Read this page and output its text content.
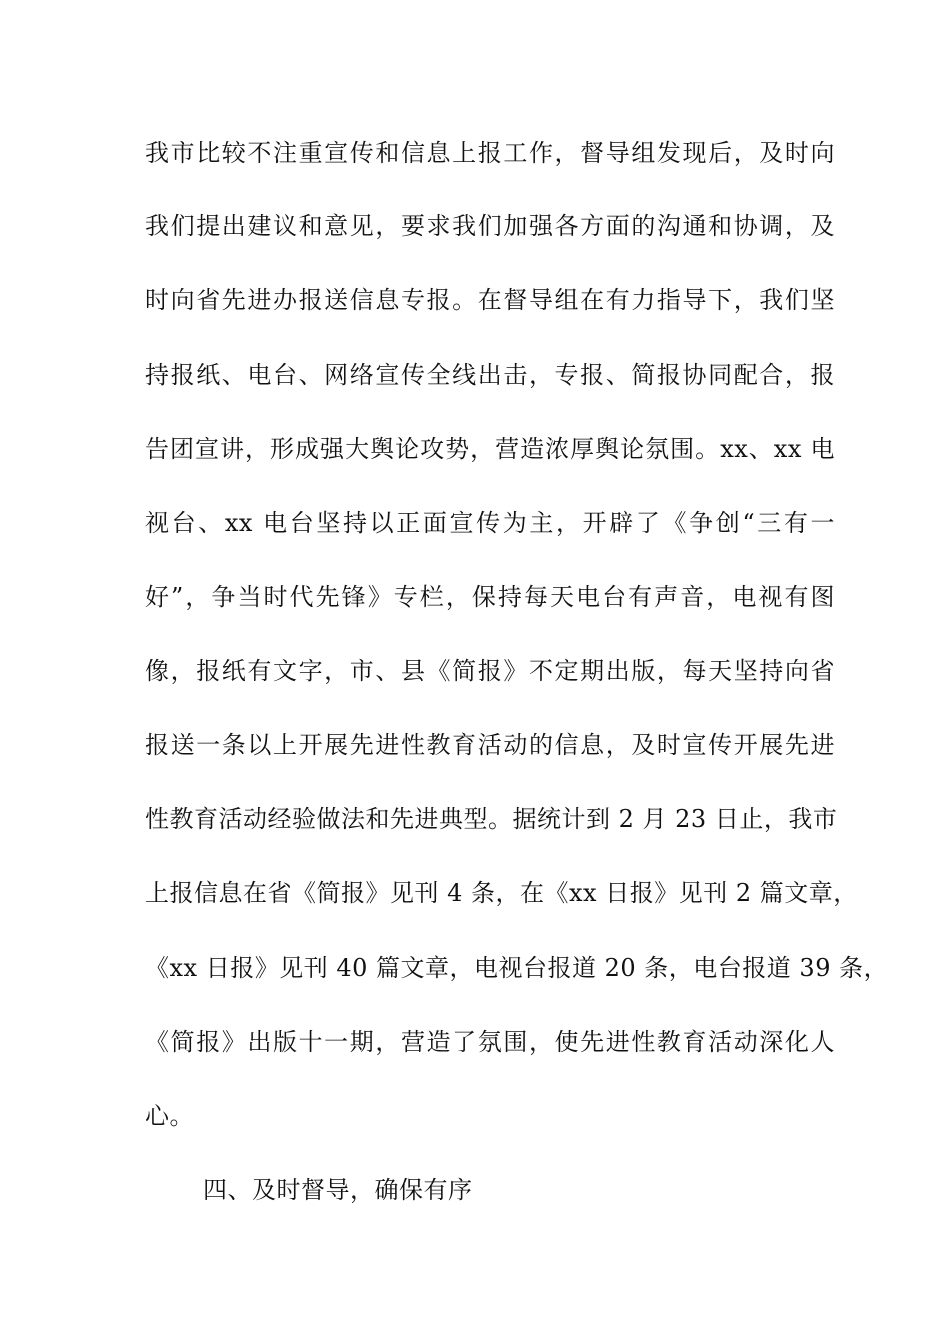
我市比较不注重宣传和信息上报工作，督导组发现后，及时向
我们提出建议和意见，要求我们加强各方面的沟通和协调，及
时向省先进办报送信息专报。在督导组在有力指导下，我们坚
持报纸、电台、网络宣传全线出击，专报、简报协同配合，报
告团宣讲，形成强大舆论攻势，营造浓厚舆论氛围。xx、xx 电
视台、xx 电台坚持以正面宣传为主，开辟了《争创“三有一
好”，争当时代先锋》专栏，保持每天电台有声音，电视有图
像，报纸有文字，市、县《简报》不定期出版，每天坚持向省
报送一条以上开展先进性教育活动的信息，及时宣传开展先进
性教育活动经验做法和先进典型。据统计到 2 月 23 日止，我市
上报信息在省《简报》见刊 4 条，在《xx 日报》见刊 2 篇文章，
《xx 日报》见刊 40 篇文章，电视台报道 20 条，电台报道 39 条，
《简报》出版十一期，营造了氛围，使先进性教育活动深化人
心。
四、及时督导，确保有序
